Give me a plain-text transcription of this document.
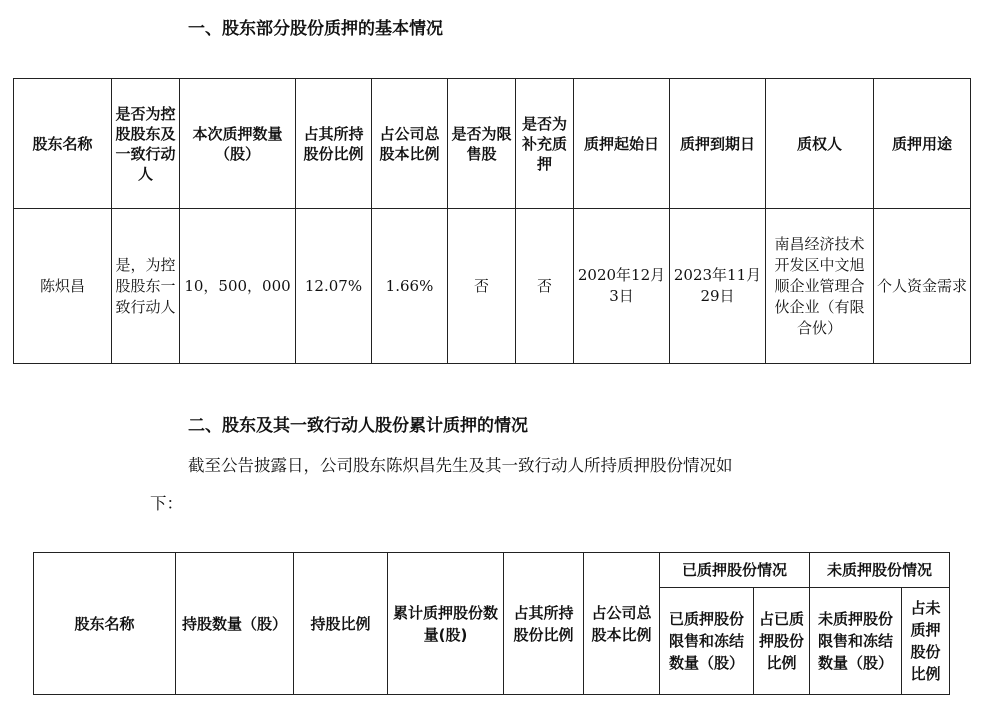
一、股东部分股份质押的基本情况
股东名称	是否为控股股东及一致行动人	本次质押数量（股）	占其所持股份比例	占公司总股本比例	是否为限售股	是否为补充质押	质押起始日	质押到期日	质权人	质押用途
陈炽昌	是，为控股股东一致行动人	10，500，000	12.07%	1.66%	否	否	2020年12月3日	2023年11月29日	南昌经济技术开发区中文旭顺企业管理合伙企业（有限合伙）	个人资金需求
二、股东及其一致行动人股份累计质押的情况
截至公告披露日，公司股东陈炽昌先生及其一致行动人所持质押股份情况如
下：
股东名称	持股数量（股）	持股比例	累计质押股份数量(股)	占其所持股份比例	占公司总股本比例	已质押股份情况		未质押股份情况	
						已质押股份限售和冻结数量（股）	占已质押股份比例	未质押股份限售和冻结数量（股）	占未质押股份比例
